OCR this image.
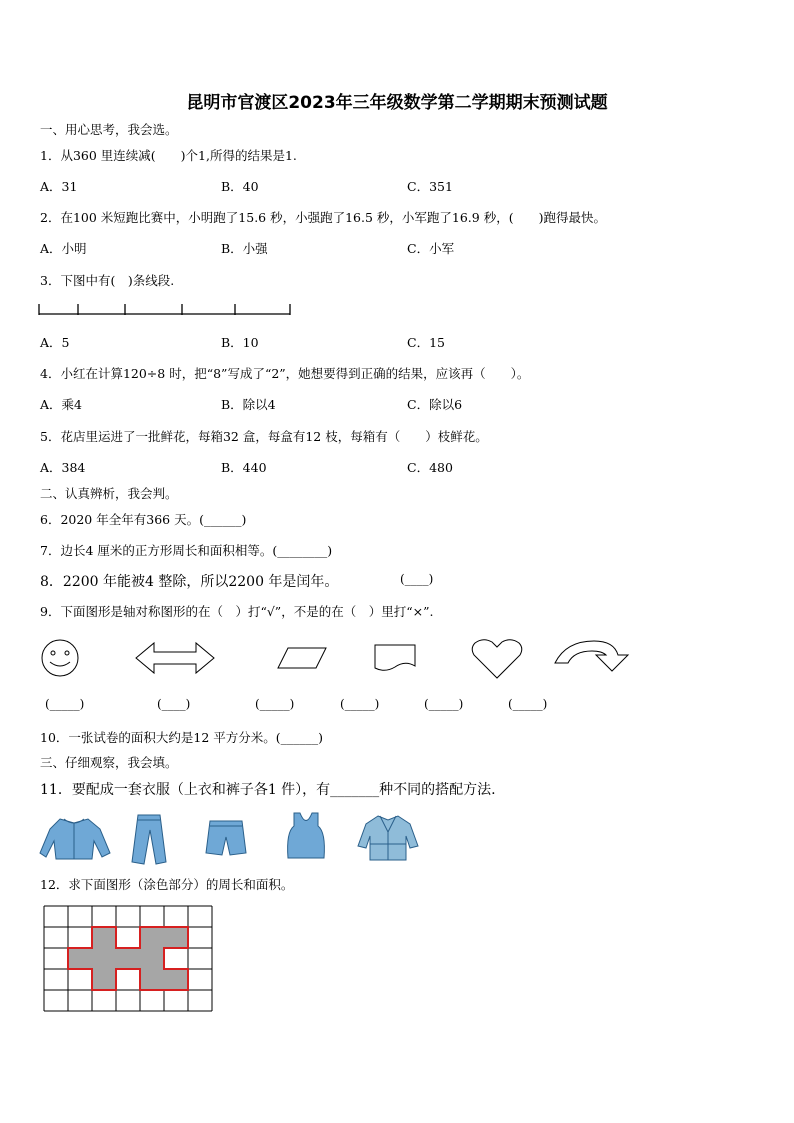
昆明市官渡区2023年三年级数学第二学期期末预测试题
一、用心思考，我会选。
1．从360 里连续减(　　)个1,所得的结果是1.
A．31	B．40	C．351
2．在100 米短跑比赛中，小明跑了15.6 秒，小强跑了16.5 秒，小军跑了16.9 秒，(　　)跑得最快。
A．小明	B．小强	C．小军
3．下图中有(　)条线段.
A．5	B．10	C．15
4．小红在计算120÷8 时，把“8”写成了“2”，她想要得到正确的结果，应该再（　　）。
A．乘4	B．除以4	C．除以6
5．花店里运进了一批鲜花，每箱32 盒，每盒有12 枝，每箱有（　　）枝鲜花。
A．384	B．440	C．480
二、认真辨析，我会判。
6．2020 年全年有366 天。(______)
7．边长4 厘米的正方形周长和面积相等。(________)
8．2200 年能被4 整除，所以2200 年是闰年。	(____)
9．下面图形是轴对称图形的在（　）打“√”，不是的在（　）里打“×”.
(_____)	(____)	(_____)	(_____)	(_____)	(_____)
10．一张试卷的面积大约是12 平方分米。(______)
三、仔细观察，我会填。
11．要配成一套衣服（上衣和裤子各1 件），有_______种不同的搭配方法.
12．求下面图形（涂色部分）的周长和面积。
